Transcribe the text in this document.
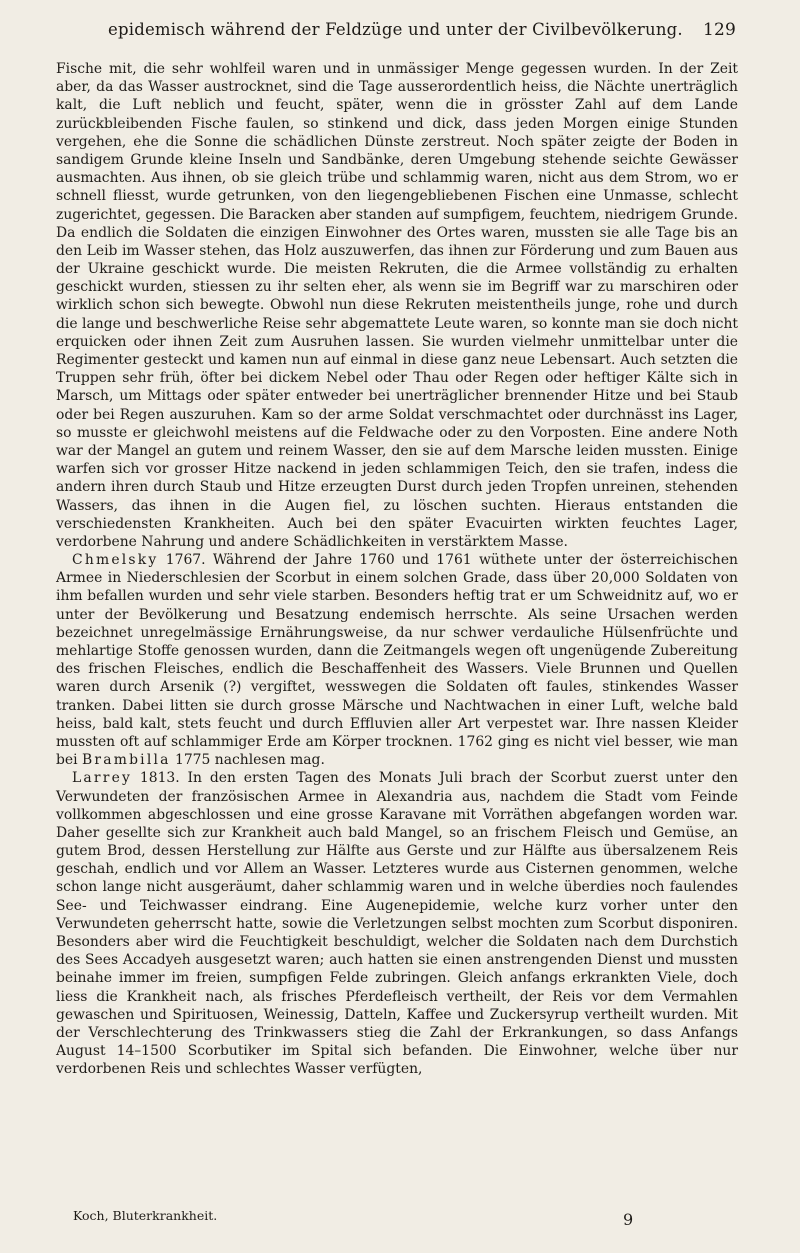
epidemisch während der Feldzüge und unter der Civilbevölkerung. 129

Fische mit, die sehr wohlfeil waren und in unmässiger Menge gegessen wurden. In der Zeit aber, da das Wasser austrocknet, sind die Tage ausserordentlich heiss, die Nächte unerträglich kalt, die Luft neblich und feucht, später, wenn die in grösster Zahl auf dem Lande zurückbleibenden Fische faulen, so stinkend und dick, dass jeden Morgen einige Stunden vergehen, ehe die Sonne die schädlichen Dünste zerstreut. Noch später zeigte der Boden in sandigem Grunde kleine Inseln und Sandbänke, deren Umgebung stehende seichte Gewässer ausmachten. Aus ihnen, ob sie gleich trübe und schlammig waren, nicht aus dem Strom, wo er schnell fliesst, wurde getrunken, von den liegengebliebenen Fischen eine Unmasse, schlecht zugerichtet, gegessen. Die Baracken aber standen auf sumpfigem, feuchtem, niedrigem Grunde. Da endlich die Soldaten die einzigen Einwohner des Ortes waren, mussten sie alle Tage bis an den Leib im Wasser stehen, das Holz auszuwerfen, das ihnen zur Förderung und zum Bauen aus der Ukraine geschickt wurde. Die meisten Rekruten, die die Armee vollständig zu erhalten geschickt wurden, stiessen zu ihr selten eher, als wenn sie im Begriff war zu marschiren oder wirklich schon sich bewegte. Obwohl nun diese Rekruten meistentheils junge, rohe und durch die lange und beschwerliche Reise sehr abgemattete Leute waren, so konnte man sie doch nicht erquicken oder ihnen Zeit zum Ausruhen lassen. Sie wurden vielmehr unmittelbar unter die Regimenter gesteckt und kamen nun auf einmal in diese ganz neue Lebensart. Auch setzten die Truppen sehr früh, öfter bei dickem Nebel oder Thau oder Regen oder heftiger Kälte sich in Marsch, um Mittags oder später entweder bei unerträglicher brennender Hitze und bei Staub oder bei Regen auszuruhen. Kam so der arme Soldat verschmachtet oder durchnässt ins Lager, so musste er gleichwohl meistens auf die Feldwache oder zu den Vorposten. Eine andere Noth war der Mangel an gutem und reinem Wasser, den sie auf dem Marsche leiden mussten. Einige warfen sich vor grosser Hitze nackend in jeden schlammigen Teich, den sie trafen, indess die andern ihren durch Staub und Hitze erzeugten Durst durch jeden Tropfen unreinen, stehenden Wassers, das ihnen in die Augen fiel, zu löschen suchten. Hieraus entstanden die verschiedensten Krankheiten. Auch bei den später Evacuirten wirkten feuchtes Lager, verdorbene Nahrung und andere Schädlichkeiten in verstärktem Masse.

Chmelsky 1767. Während der Jahre 1760 und 1761 wüthete unter der österreichischen Armee in Niederschlesien der Scorbut in einem solchen Grade, dass über 20,000 Soldaten von ihm befallen wurden und sehr viele starben. Besonders heftig trat er um Schweidnitz auf, wo er unter der Bevölkerung und Besatzung endemisch herrschte. Als seine Ursachen werden bezeichnet unregelmässige Ernährungsweise, da nur schwer verdauliche Hülsenfrüchte und mehlartige Stoffe genossen wurden, dann die Zeitmangels wegen oft ungenügende Zubereitung des frischen Fleisches, endlich die Beschaffenheit des Wassers. Viele Brunnen und Quellen waren durch Arsenik (?) vergiftet, wesswegen die Soldaten oft faules, stinkendes Wasser tranken. Dabei litten sie durch grosse Märsche und Nachtwachen in einer Luft, welche bald heiss, bald kalt, stets feucht und durch Effluvien aller Art verpestet war. Ihre nassen Kleider mussten oft auf schlammiger Erde am Körper trocknen. 1762 ging es nicht viel besser, wie man bei Brambilla 1775 nachlesen mag.

Larrey 1813. In den ersten Tagen des Monats Juli brach der Scorbut zuerst unter den Verwundeten der französischen Armee in Alexandria aus, nachdem die Stadt vom Feinde vollkommen abgeschlossen und eine grosse Karavane mit Vorräthen abgefangen worden war. Daher gesellte sich zur Krankheit auch bald Mangel, so an frischem Fleisch und Gemüse, an gutem Brod, dessen Herstellung zur Hälfte aus Gerste und zur Hälfte aus übersalzenem Reis geschah, endlich und vor Allem an Wasser. Letzteres wurde aus Cisternen genommen, welche schon lange nicht ausgeräumt, daher schlammig waren und in welche überdies noch faulendes See- und Teichwasser eindrang. Eine Augenepidemie, welche kurz vorher unter den Verwundeten geherrscht hatte, sowie die Verletzungen selbst mochten zum Scorbut disponiren. Besonders aber wird die Feuchtigkeit beschuldigt, welcher die Soldaten nach dem Durchstich des Sees Accadyeh ausgesetzt waren; auch hatten sie einen anstrengenden Dienst und mussten beinahe immer im freien, sumpfigen Felde zubringen. Gleich anfangs erkrankten Viele, doch liess die Krankheit nach, als frisches Pferdefleisch vertheilt, der Reis vor dem Vermahlen gewaschen und Spirituosen, Weinessig, Datteln, Kaffee und Zuckersyrup vertheilt wurden. Mit der Verschlechterung des Trinkwassers stieg die Zahl der Erkrankungen, so dass Anfangs August 14–1500 Scorbutiker im Spital sich befanden. Die Einwohner, welche über nur verdorbenen Reis und schlechtes Wasser verfügten,

Koch, Bluterkrankheit.	9
